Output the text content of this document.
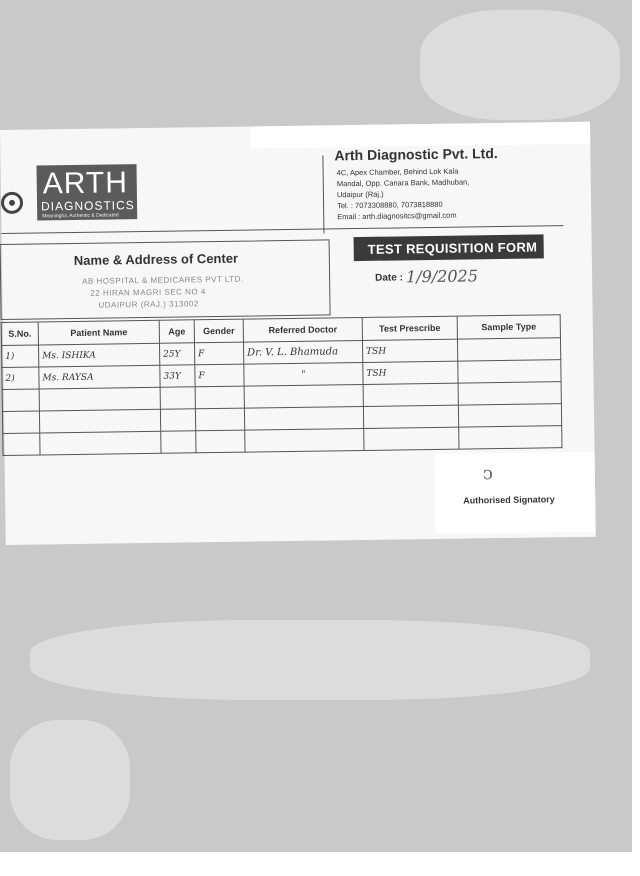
ARTH
DIAGNOSTICS
Meaningful, Authentic & Dedicated
Arth Diagnostic Pvt. Ltd.
4C, Apex Chamber, Behind Lok Kala
Mandal, Opp. Canara Bank, Madhuban,
Udaipur (Raj.)
Tel. : 7073308880, 7073818880
Email : arth.diagnositcs@gmail.com
Name & Address of Center
AB HOSPITAL & MEDICARES PVT LTD.
22 HIRAN MAGRI SEC NO 4
UDAIPUR (RAJ.) 313002
TEST REQUISITION FORM
Date : 1/9/2025
S.No.	Patient Name	Age	Gender	Referred Doctor	Test Prescribe	Sample Type
1)	Ms. ISHIKA	25Y	F	Dr. V. L. Bhamuda	TSH	
2)	Ms. RAYSA	33Y	F	"	TSH	

ↄ
Authorised Signatory
